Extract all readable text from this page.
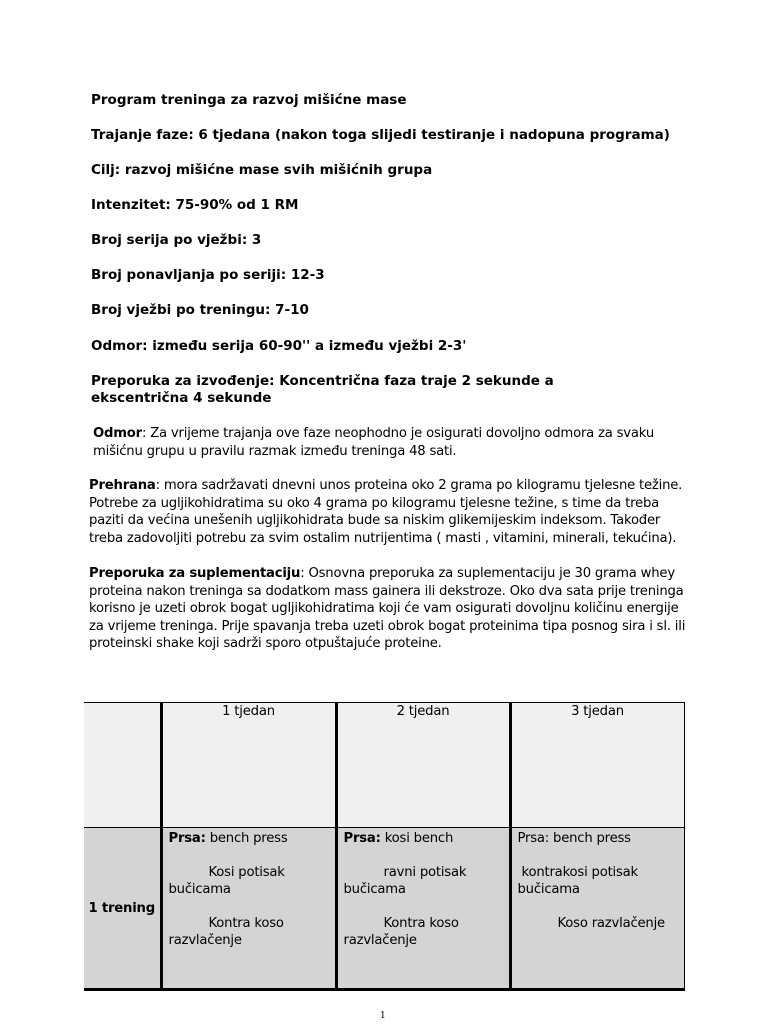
Program treninga za razvoj mišićne mase
Trajanje faze: 6 tjedana (nakon toga slijedi testiranje i nadopuna programa)
Cilj: razvoj mišićne mase svih mišićnih grupa
Intenzitet: 75-90% od 1 RM
Broj serija po vježbi: 3
Broj ponavljanja po seriji: 12-3
Broj vježbi po treningu: 7-10
Odmor: između serija 60-90'' a između vježbi 2-3'
Preporuka za izvođenje: Koncentrična faza traje 2 sekunde a ekscentrična 4 sekunde
Odmor: Za vrijeme trajanja ove faze neophodno je osigurati dovoljno odmora za svaku mišićnu grupu u pravilu razmak između treninga 48 sati.
Prehrana: mora sadržavati dnevni unos proteina oko 2 grama po kilogramu tjelesne težine. Potrebe za ugljikohidratima su oko 4 grama po kilogramu tjelesne težine, s time da treba paziti da većina unešenih ugljikohidrata bude sa niskim glikemijeskim indeksom. Također treba zadovoljiti potrebu za svim ostalim nutrijentima ( masti , vitamini, minerali, tekućina).
Preporuka za suplementaciju: Osnovna preporuka za suplementaciju je 30 grama whey proteina nakon treninga sa dodatkom mass gainera ili dekstroze. Oko dva sata prije treninga korisno je uzeti obrok bogat ugljikohidratima koji će vam osigurati dovoljnu količinu energije za vrijeme treninga. Prije spavanja treba uzeti obrok bogat proteinima tipa posnog sira i sl. ili proteinski shake koji sadrži sporo otpuštajuće proteine.
	1 tjedan	2 tjedan	3 tjedan
1 trening	Prsa: bench press
Kosi potisak
bučicama
Kontra koso
razvlačenje	Prsa: kosi bench
ravni potisak
bučicama
Kontra koso
razvlačenje	Prsa: bench press
kontrakosi potisak
bučicama
Koso razvlačenje
1
